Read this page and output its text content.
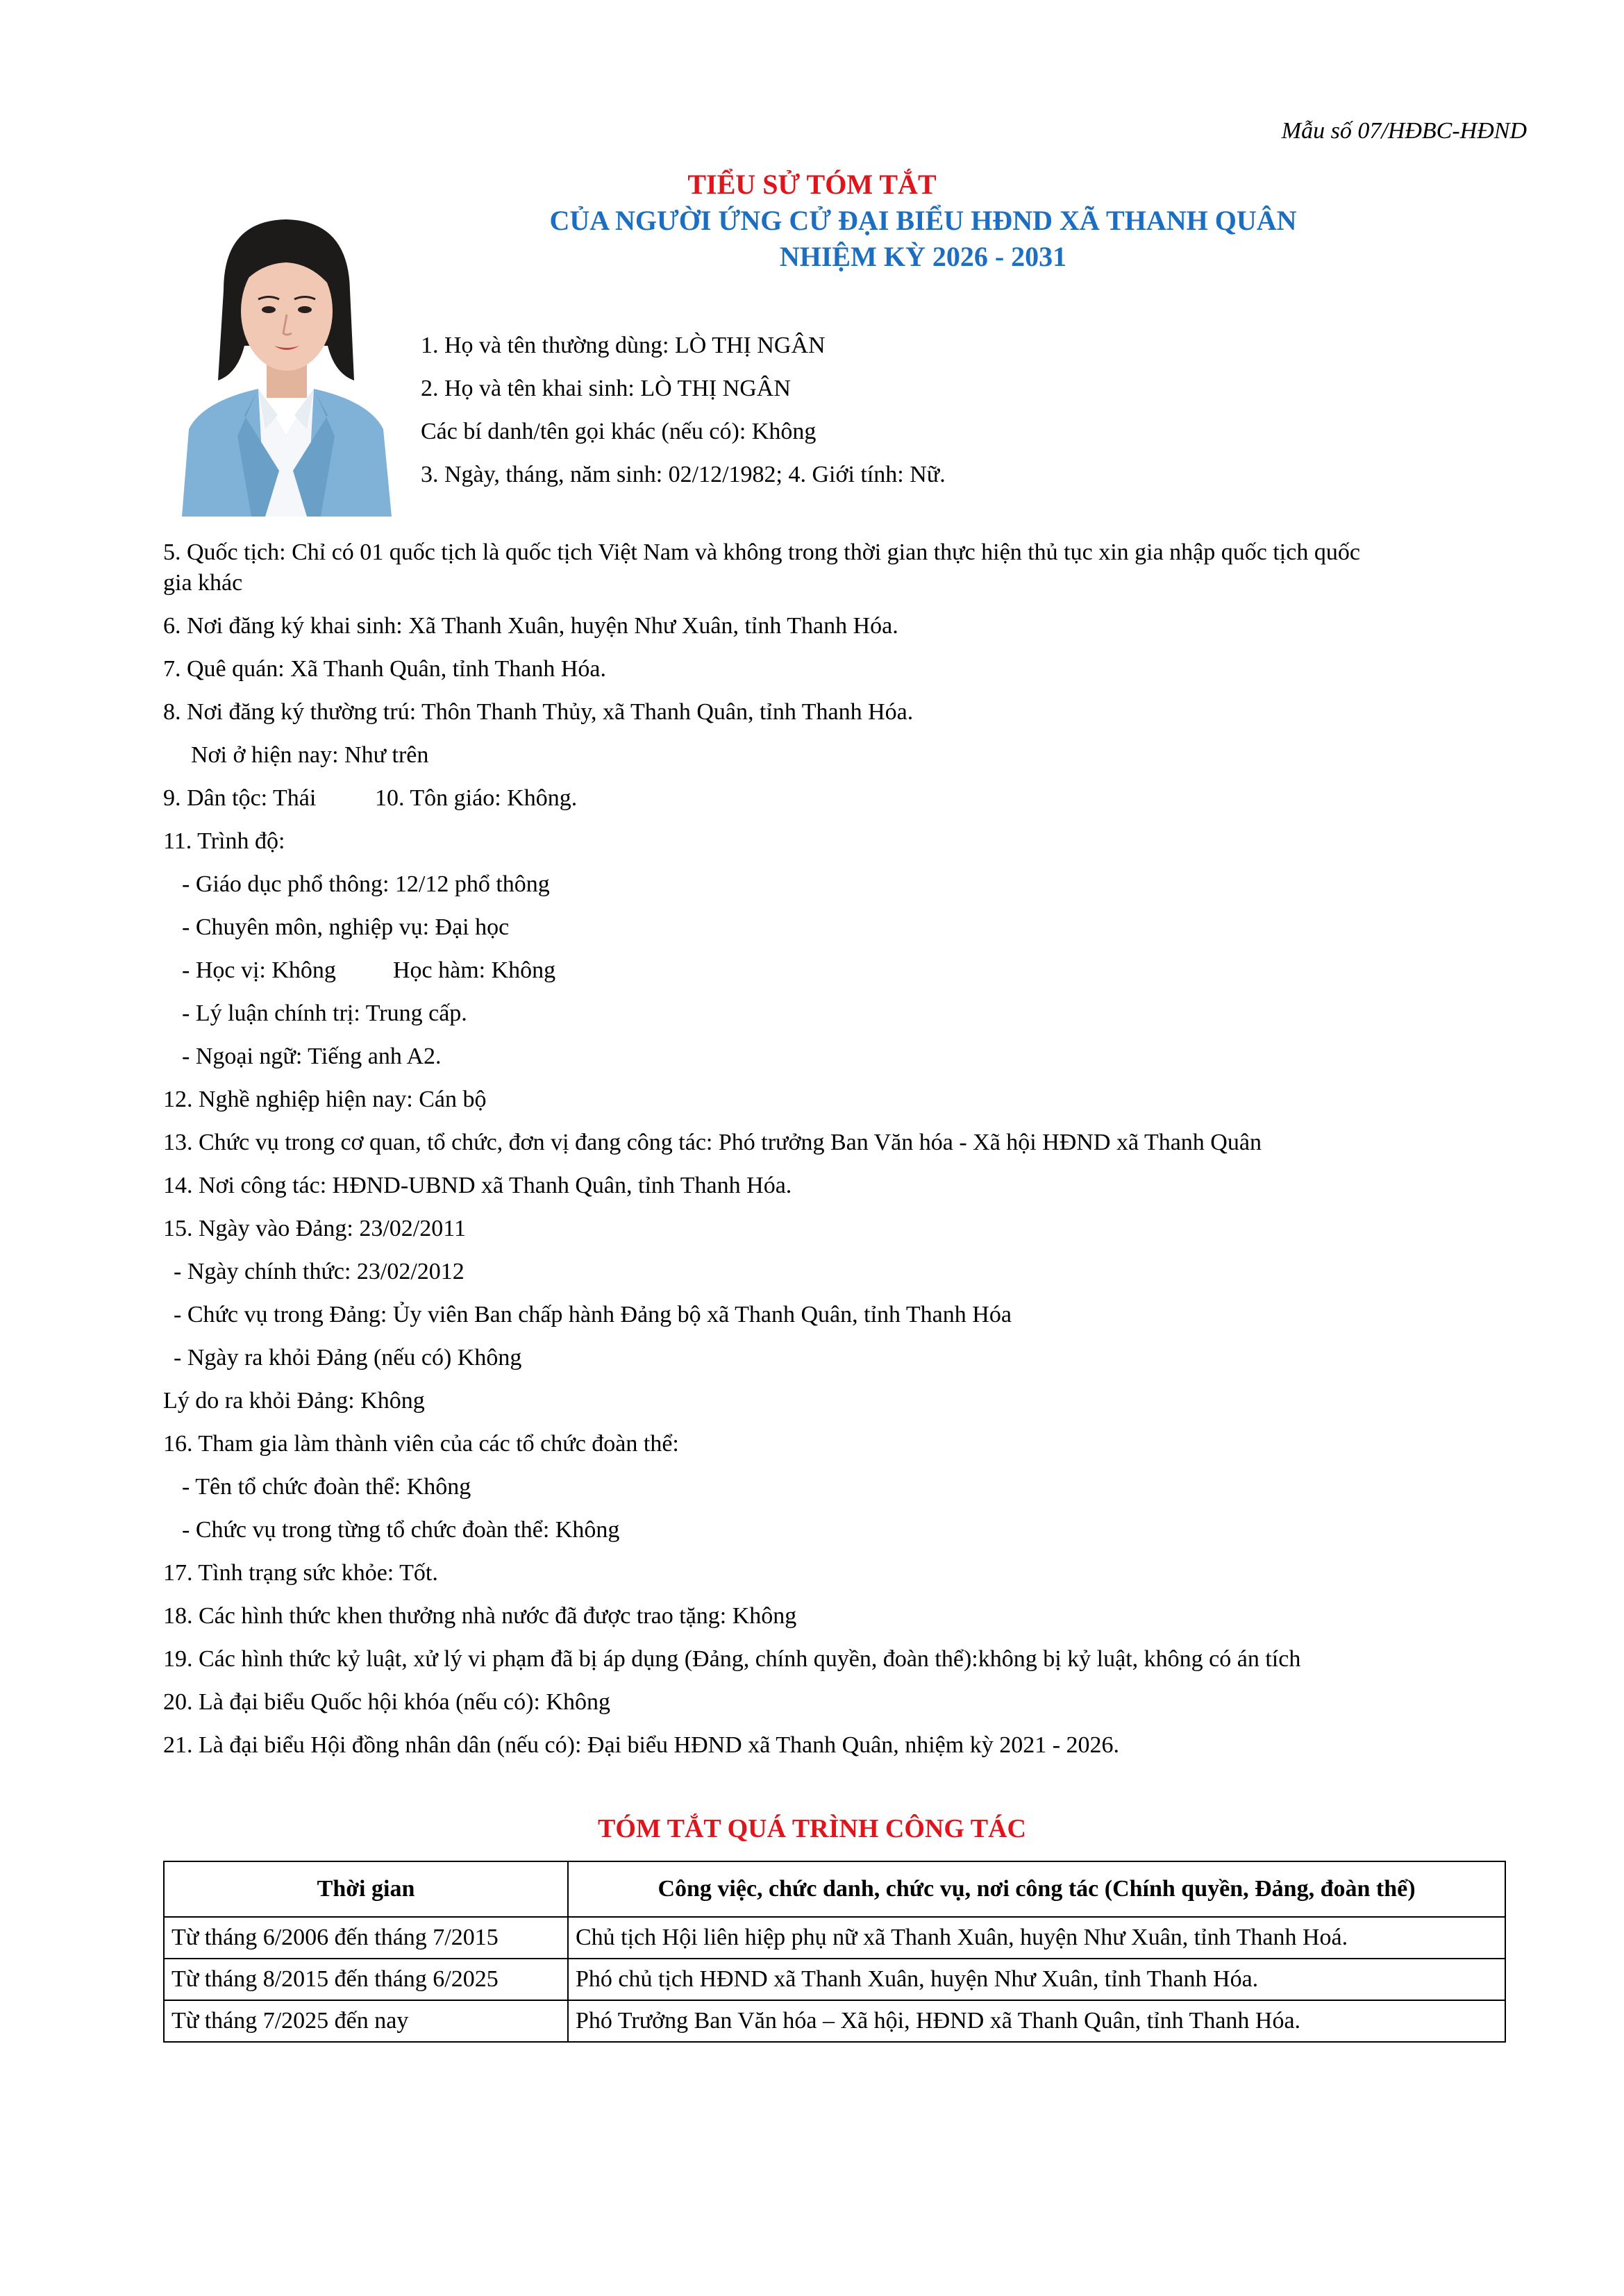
Mẫu số 07/HĐBC-HĐND
TIỂU SỬ TÓM TẮT
CỦA NGƯỜI ỨNG CỬ ĐẠI BIỂU HĐND XÃ THANH QUÂN
NHIỆM KỲ 2026 - 2031
1. Họ và tên thường dùng: LÒ THỊ NGÂN
2. Họ và tên khai sinh: LÒ THỊ NGÂN
Các bí danh/tên gọi khác (nếu có): Không
3. Ngày, tháng, năm sinh: 02/12/1982; 4. Giới tính: Nữ.
5. Quốc tịch: Chỉ có 01 quốc tịch là quốc tịch Việt Nam và không trong thời gian thực hiện thủ tục xin gia nhập quốc tịch quốc
gia khác
6. Nơi đăng ký khai sinh: Xã Thanh Xuân, huyện Như Xuân, tỉnh Thanh Hóa.
7. Quê quán: Xã Thanh Quân, tỉnh Thanh Hóa.
8. Nơi đăng ký thường trú: Thôn Thanh Thủy, xã Thanh Quân, tỉnh Thanh Hóa.
Nơi ở hiện nay: Như trên
9. Dân tộc: Thái 10. Tôn giáo: Không.
11. Trình độ:
- Giáo dục phổ thông: 12/12 phổ thông
- Chuyên môn, nghiệp vụ: Đại học
- Học vị: Không Học hàm: Không
- Lý luận chính trị: Trung cấp.
- Ngoại ngữ: Tiếng anh A2.
12. Nghề nghiệp hiện nay: Cán bộ
13. Chức vụ trong cơ quan, tổ chức, đơn vị đang công tác: Phó trưởng Ban Văn hóa - Xã hội HĐND xã Thanh Quân
14. Nơi công tác: HĐND-UBND xã Thanh Quân, tỉnh Thanh Hóa.
15. Ngày vào Đảng: 23/02/2011
- Ngày chính thức: 23/02/2012
- Chức vụ trong Đảng: Ủy viên Ban chấp hành Đảng bộ xã Thanh Quân, tỉnh Thanh Hóa
- Ngày ra khỏi Đảng (nếu có) Không
Lý do ra khỏi Đảng: Không
16. Tham gia làm thành viên của các tổ chức đoàn thể:
- Tên tổ chức đoàn thể: Không
- Chức vụ trong từng tổ chức đoàn thể: Không
17. Tình trạng sức khỏe: Tốt.
18. Các hình thức khen thưởng nhà nước đã được trao tặng: Không
19. Các hình thức kỷ luật, xử lý vi phạm đã bị áp dụng (Đảng, chính quyền, đoàn thể):không bị kỷ luật, không có án tích
20. Là đại biểu Quốc hội khóa (nếu có): Không
21. Là đại biểu Hội đồng nhân dân (nếu có): Đại biểu HĐND xã Thanh Quân, nhiệm kỳ 2021 - 2026.
TÓM TẮT QUÁ TRÌNH CÔNG TÁC
Thời gian	Công việc, chức danh, chức vụ, nơi công tác (Chính quyền, Đảng, đoàn thể)
Từ tháng 6/2006 đến tháng 7/2015	Chủ tịch Hội liên hiệp phụ nữ xã Thanh Xuân, huyện Như Xuân, tỉnh Thanh Hoá.
Từ tháng 8/2015 đến tháng 6/2025	Phó chủ tịch HĐND xã Thanh Xuân, huyện Như Xuân, tỉnh Thanh Hóa.
Từ tháng 7/2025 đến nay	Phó Trưởng Ban Văn hóa – Xã hội, HĐND xã Thanh Quân, tỉnh Thanh Hóa.
